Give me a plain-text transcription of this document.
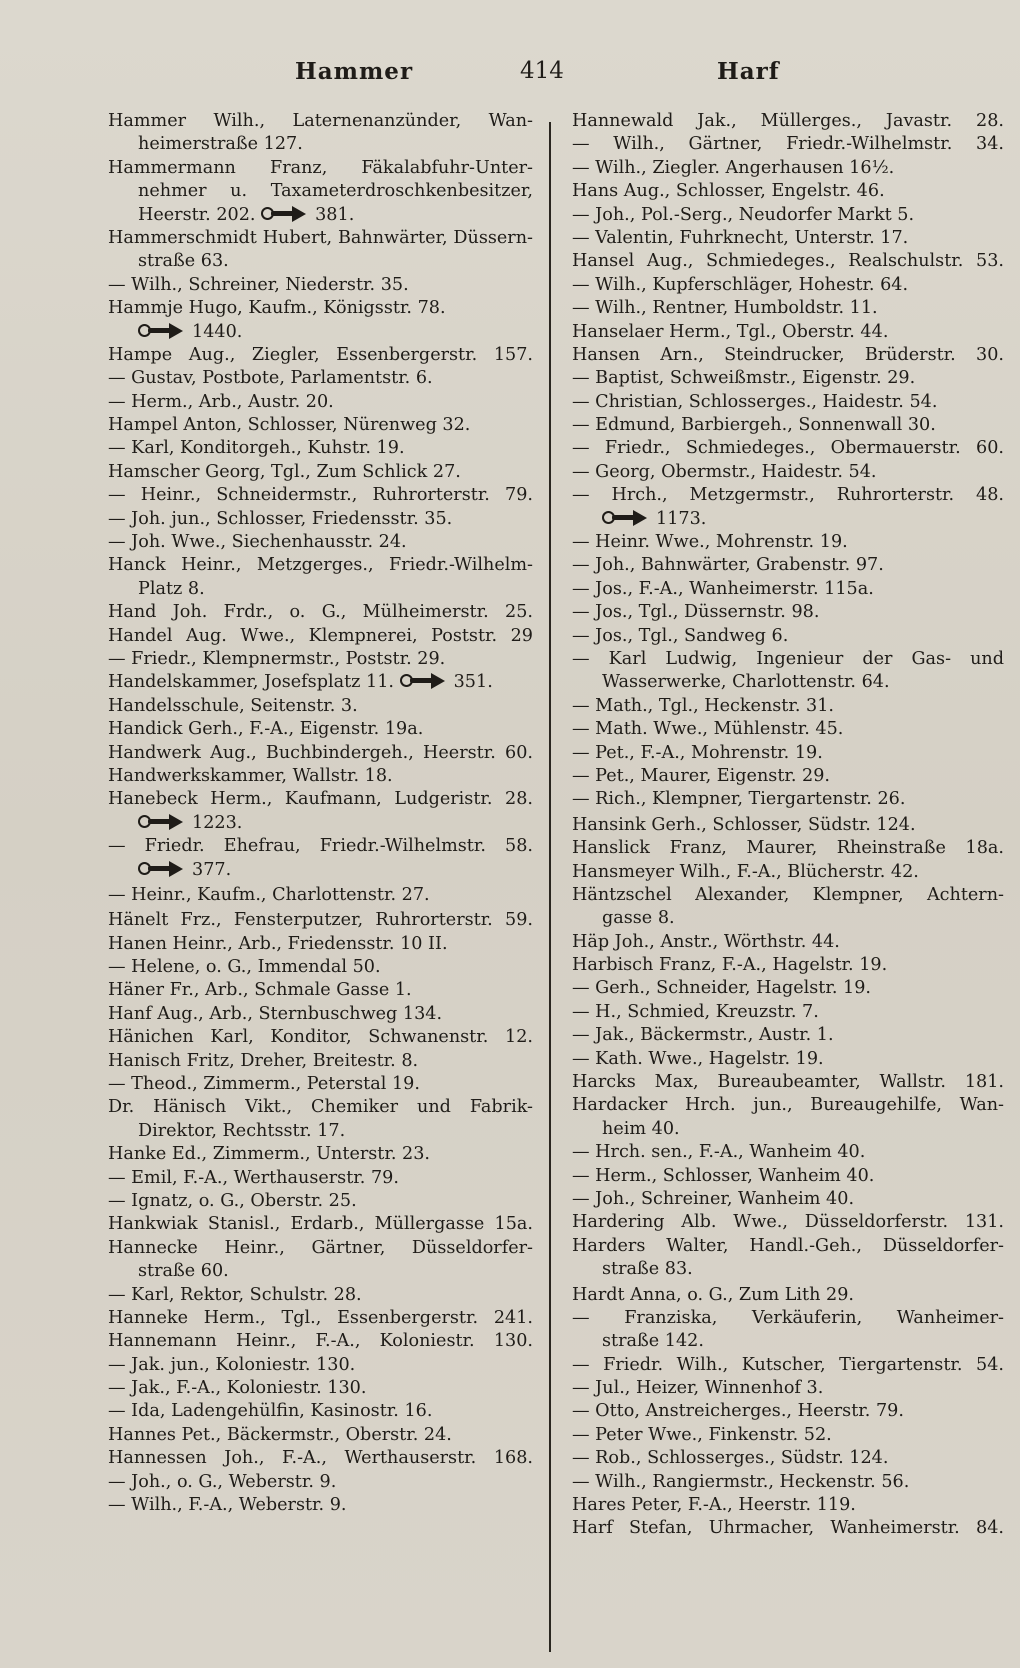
Hammer	414	Harf
Hammer Wilh., Laternenanzünder, Wan-
heimerstraße 127.
Hammermann Franz, Fäkalabfuhr-Unter-
nehmer u. Taxameterdroschkenbesitzer,
Heerstr. 202.	381.
Hammerschmidt Hubert, Bahnwärter, Düssern-
straße 63.
— Wilh., Schreiner, Niederstr. 35.
Hammje Hugo, Kaufm., Königsstr. 78.
1440.
Hampe Aug., Ziegler, Essenbergerstr. 157.
— Gustav, Postbote, Parlamentstr. 6.
— Herm., Arb., Austr. 20.
Hampel Anton, Schlosser, Nürenweg 32.
— Karl, Konditorgeh., Kuhstr. 19.
Hamscher Georg, Tgl., Zum Schlick 27.
— Heinr., Schneidermstr., Ruhrorterstr. 79.
— Joh. jun., Schlosser, Friedensstr. 35.
— Joh. Wwe., Siechenhausstr. 24.
Hanck Heinr., Metzgerges., Friedr.-Wilhelm-
Platz 8.
Hand Joh. Frdr., o. G., Mülheimerstr. 25.
Handel Aug. Wwe., Klempnerei, Poststr. 29
— Friedr., Klempnermstr., Poststr. 29.
Handelskammer, Josefsplatz 11.	351.
Handelsschule, Seitenstr. 3.
Handick Gerh., F.-A., Eigenstr. 19a.
Handwerk Aug., Buchbindergeh., Heerstr. 60.
Handwerkskammer, Wallstr. 18.
Hanebeck Herm., Kaufmann, Ludgeristr. 28.
1223.
— Friedr. Ehefrau, Friedr.-Wilhelmstr. 58.
377.
— Heinr., Kaufm., Charlottenstr. 27.
Hänelt Frz., Fensterputzer, Ruhrorterstr. 59.
Hanen Heinr., Arb., Friedensstr. 10 II.
— Helene, o. G., Immendal 50.
Häner Fr., Arb., Schmale Gasse 1.
Hanf Aug., Arb., Sternbuschweg 134.
Hänichen Karl, Konditor, Schwanenstr. 12.
Hanisch Fritz, Dreher, Breitestr. 8.
— Theod., Zimmerm., Peterstal 19.
Dr. Hänisch Vikt., Chemiker und Fabrik-
Direktor, Rechtsstr. 17.
Hanke Ed., Zimmerm., Unterstr. 23.
— Emil, F.-A., Werthauserstr. 79.
— Ignatz, o. G., Oberstr. 25.
Hankwiak Stanisl., Erdarb., Müllergasse 15a.
Hannecke Heinr., Gärtner, Düsseldorfer-
straße 60.
— Karl, Rektor, Schulstr. 28.
Hanneke Herm., Tgl., Essenbergerstr. 241.
Hannemann Heinr., F.-A., Koloniestr. 130.
— Jak. jun., Koloniestr. 130.
— Jak., F.-A., Koloniestr. 130.
— Ida, Ladengehülfin, Kasinostr. 16.
Hannes Pet., Bäckermstr., Oberstr. 24.
Hannessen Joh., F.-A., Werthauserstr. 168.
— Joh., o. G., Weberstr. 9.
— Wilh., F.-A., Weberstr. 9.
Hannewald Jak., Müllerges., Javastr. 28.
— Wilh., Gärtner, Friedr.-Wilhelmstr. 34.
— Wilh., Ziegler. Angerhausen 16½.
Hans Aug., Schlosser, Engelstr. 46.
— Joh., Pol.-Serg., Neudorfer Markt 5.
— Valentin, Fuhrknecht, Unterstr. 17.
Hansel Aug., Schmiedeges., Realschulstr. 53.
— Wilh., Kupferschläger, Hohestr. 64.
— Wilh., Rentner, Humboldstr. 11.
Hanselaer Herm., Tgl., Oberstr. 44.
Hansen Arn., Steindrucker, Brüderstr. 30.
— Baptist, Schweißmstr., Eigenstr. 29.
— Christian, Schlosserges., Haidestr. 54.
— Edmund, Barbiergeh., Sonnenwall 30.
— Friedr., Schmiedeges., Obermauerstr. 60.
— Georg, Obermstr., Haidestr. 54.
— Hrch., Metzgermstr., Ruhrorterstr. 48.
1173.
— Heinr. Wwe., Mohrenstr. 19.
— Joh., Bahnwärter, Grabenstr. 97.
— Jos., F.-A., Wanheimerstr. 115a.
— Jos., Tgl., Düssernstr. 98.
— Jos., Tgl., Sandweg 6.
— Karl Ludwig, Ingenieur der Gas- und
Wasserwerke, Charlottenstr. 64.
— Math., Tgl., Heckenstr. 31.
— Math. Wwe., Mühlenstr. 45.
— Pet., F.-A., Mohrenstr. 19.
— Pet., Maurer, Eigenstr. 29.
— Rich., Klempner, Tiergartenstr. 26.
Hansink Gerh., Schlosser, Südstr. 124.
Hanslick Franz, Maurer, Rheinstraße 18a.
Hansmeyer Wilh., F.-A., Blücherstr. 42.
Häntzschel Alexander, Klempner, Achtern-
gasse 8.
Häp Joh., Anstr., Wörthstr. 44.
Harbisch Franz, F.-A., Hagelstr. 19.
— Gerh., Schneider, Hagelstr. 19.
— H., Schmied, Kreuzstr. 7.
— Jak., Bäckermstr., Austr. 1.
— Kath. Wwe., Hagelstr. 19.
Harcks Max, Bureaubeamter, Wallstr. 181.
Hardacker Hrch. jun., Bureaugehilfe, Wan-
heim 40.
— Hrch. sen., F.-A., Wanheim 40.
— Herm., Schlosser, Wanheim 40.
— Joh., Schreiner, Wanheim 40.
Hardering Alb. Wwe., Düsseldorferstr. 131.
Harders Walter, Handl.-Geh., Düsseldorfer-
straße 83.
Hardt Anna, o. G., Zum Lith 29.
— Franziska, Verkäuferin, Wanheimer-
straße 142.
— Friedr. Wilh., Kutscher, Tiergartenstr. 54.
— Jul., Heizer, Winnenhof 3.
— Otto, Anstreicherges., Heerstr. 79.
— Peter Wwe., Finkenstr. 52.
— Rob., Schlosserges., Südstr. 124.
— Wilh., Rangiermstr., Heckenstr. 56.
Hares Peter, F.-A., Heerstr. 119.
Harf Stefan, Uhrmacher, Wanheimerstr. 84.
